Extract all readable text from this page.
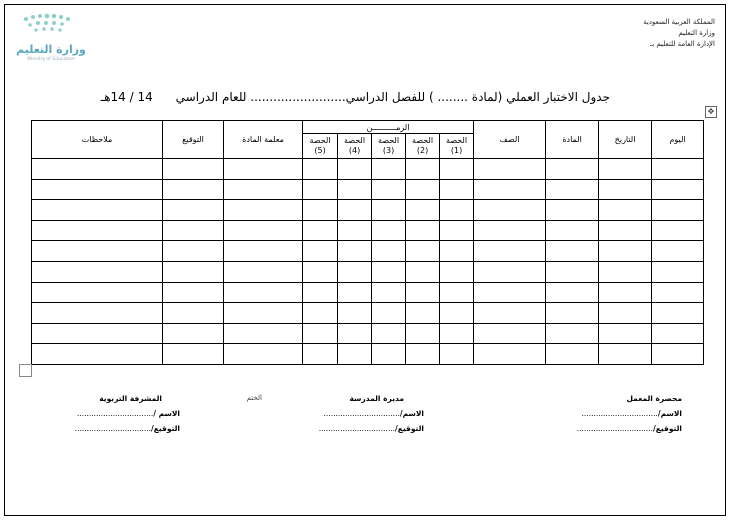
وزارة التعليم
Ministry of Education
المملكة العربية السعودية
وزارة التعليم
الإدارة العامة للتعليم بـ
جدول الاختبار العملي (لمادة ........ ) للفصل الدراسي......................... للعام الدراسي      14 / 14هـ
✥
اليوم	التاريخ	المادة	الصف	الزمــــــــــن					معلمة المادة	التوقيع	ملاحظات
				الحصة (1)	الحصة (2)	الحصة (3)	الحصة (4)	الحصة (5)			

محضرة المعمل
الاسم/................................
التوقيع/................................
مديرة المدرسة
الاسم/................................
التوقيع/................................
الختم
المشرفة التربوية
الاسم /................................
التوقيع/................................
